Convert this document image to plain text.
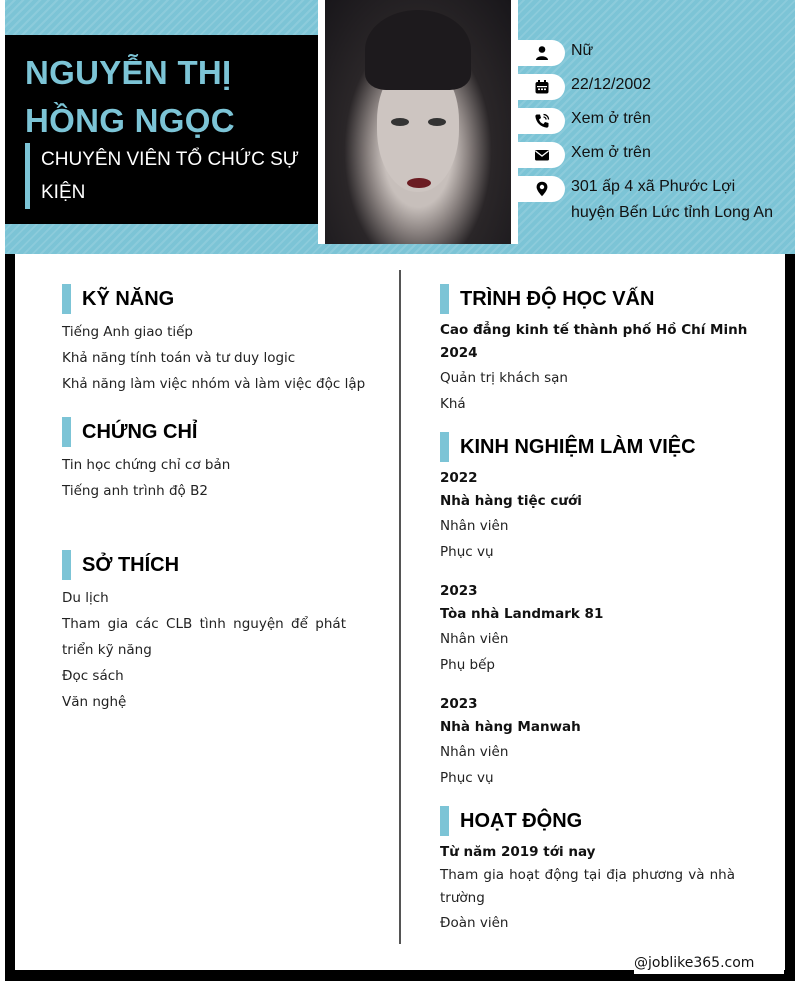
NGUYỄN THỊ
HỒNG NGỌC
CHUYÊN VIÊN TỔ CHỨC SỰ KIỆN
Nữ
22/12/2002
Xem ở trên
Xem ở trên
301 ấp 4 xã Phước Lợi huyện Bến Lức tỉnh Long An
KỸ NĂNG
Tiếng Anh giao tiếp
Khả năng tính toán và tư duy logic
Khả năng làm việc nhóm và làm việc độc lập
CHỨNG CHỈ
Tin học chứng chỉ cơ bản
Tiếng anh trình độ B2
SỞ THÍCH
Du lịch
Tham gia các CLB tình nguyện để phát triển kỹ năng
Đọc sách
Văn nghệ
TRÌNH ĐỘ HỌC VẤN
Cao đẳng kinh tế thành phố Hồ Chí Minh
2024
Quản trị khách sạn
Khá
KINH NGHIỆM LÀM VIỆC
2022
Nhà hàng tiệc cưới
Nhân viên
Phục vụ
2023
Tòa nhà Landmark 81
Nhân viên
Phụ bếp
2023
Nhà hàng Manwah
Nhân viên
Phục vụ
HOẠT ĐỘNG
Từ năm 2019 tới nay
Tham gia hoạt động tại địa phương và nhà trường
Đoàn viên
@joblike365.com
